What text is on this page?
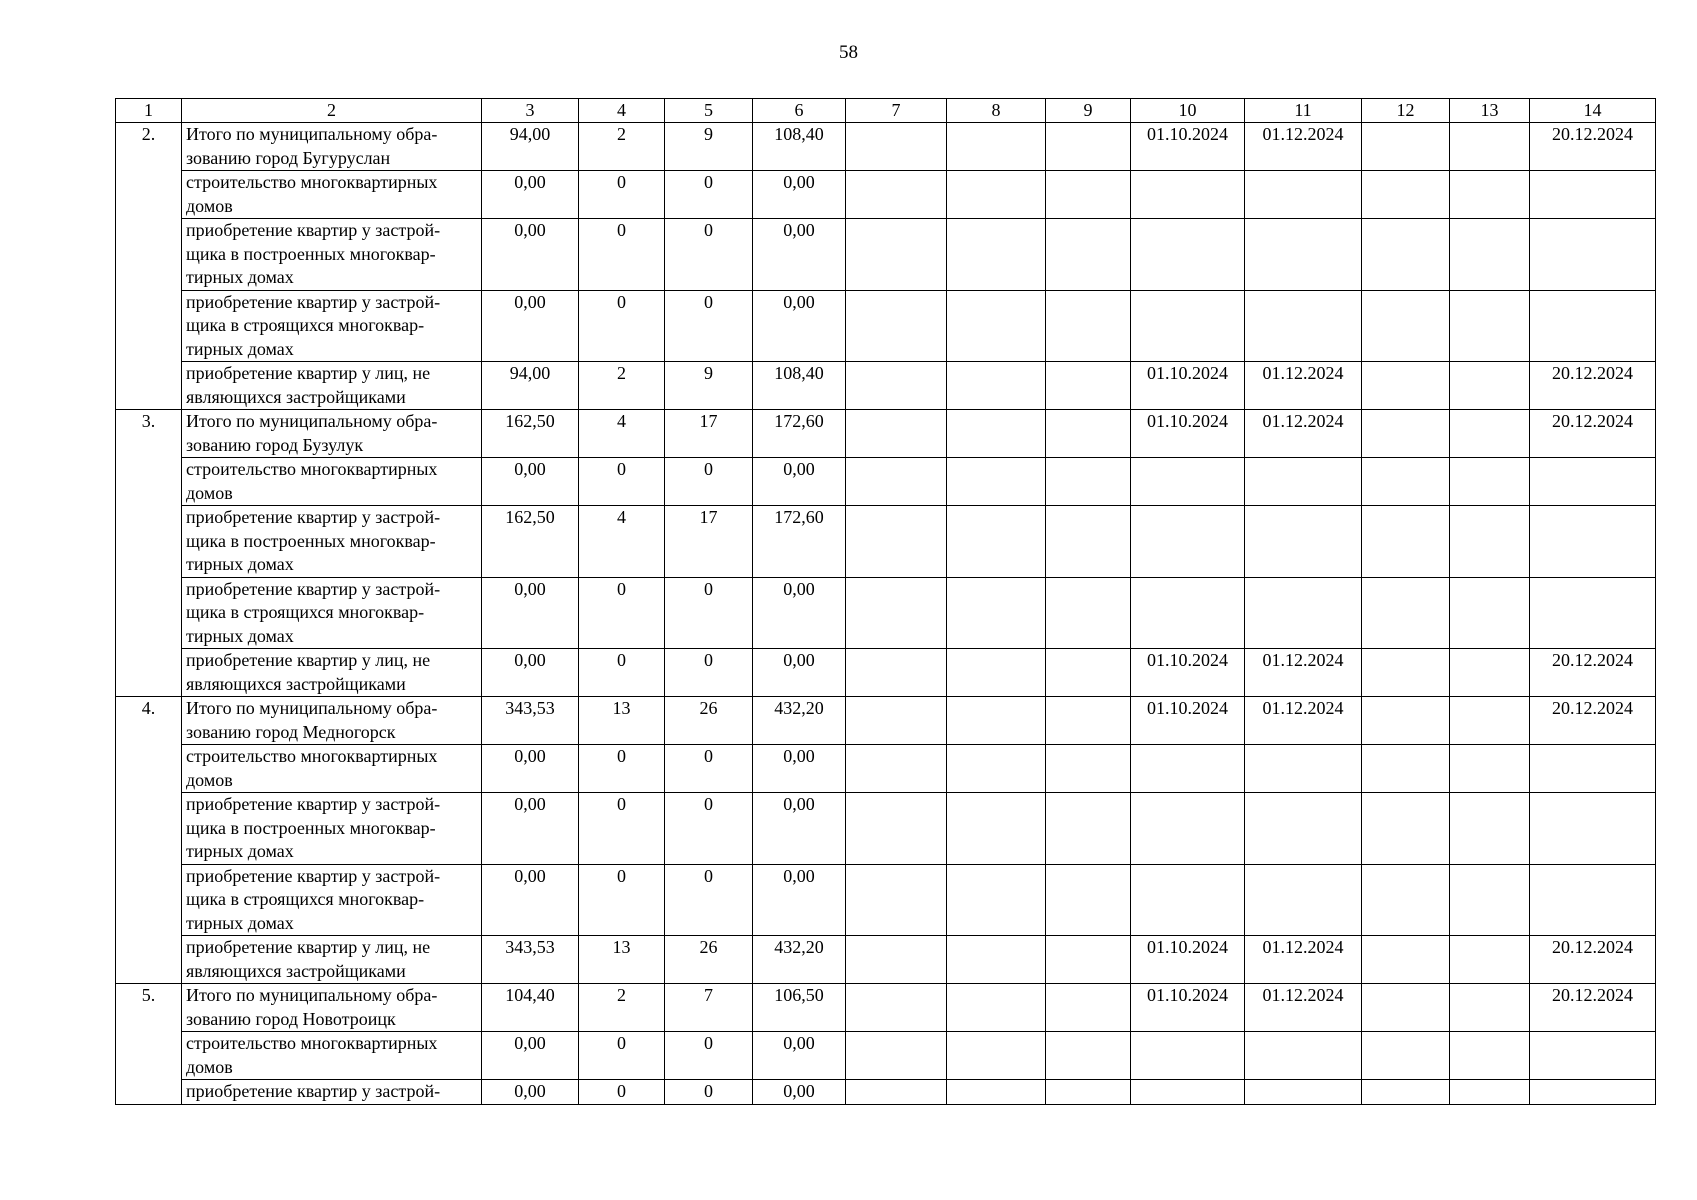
58
1	2	3	4	5	6	7	8	9	10	11	12	13	14
2.	Итого по муниципальному обра-
зованию город Бугуруслан	94,00	2	9	108,40				01.10.2024	01.12.2024			20.12.2024

	строительство многоквартирных
домов	0,00	0	0	0,00								

	приобретение квартир у застрой-
щика в построенных многоквар-
тирных домах	0,00	0	0	0,00								

	приобретение квартир у застрой-
щика в строящихся многоквар-
тирных домах	0,00	0	0	0,00								

	приобретение квартир у лиц, не
являющихся застройщиками	94,00	2	9	108,40				01.10.2024	01.12.2024			20.12.2024
3.	Итого по муниципальному обра-
зованию город Бузулук	162,50	4	17	172,60				01.10.2024	01.12.2024			20.12.2024

	строительство многоквартирных
домов	0,00	0	0	0,00								

	приобретение квартир у застрой-
щика в построенных многоквар-
тирных домах	162,50	4	17	172,60								

	приобретение квартир у застрой-
щика в строящихся многоквар-
тирных домах	0,00	0	0	0,00								

	приобретение квартир у лиц, не
являющихся застройщиками	0,00	0	0	0,00				01.10.2024	01.12.2024			20.12.2024
4.	Итого по муниципальному обра-
зованию город Медногорск	343,53	13	26	432,20				01.10.2024	01.12.2024			20.12.2024

	строительство многоквартирных
домов	0,00	0	0	0,00								

	приобретение квартир у застрой-
щика в построенных многоквар-
тирных домах	0,00	0	0	0,00								

	приобретение квартир у застрой-
щика в строящихся многоквар-
тирных домах	0,00	0	0	0,00								

	приобретение квартир у лиц, не
являющихся застройщиками	343,53	13	26	432,20				01.10.2024	01.12.2024			20.12.2024
5.	Итого по муниципальному обра-
зованию город Новотроицк	104,40	2	7	106,50				01.10.2024	01.12.2024			20.12.2024

	строительство многоквартирных
домов	0,00	0	0	0,00								

	приобретение квартир у застрой-	0,00	0	0	0,00								
